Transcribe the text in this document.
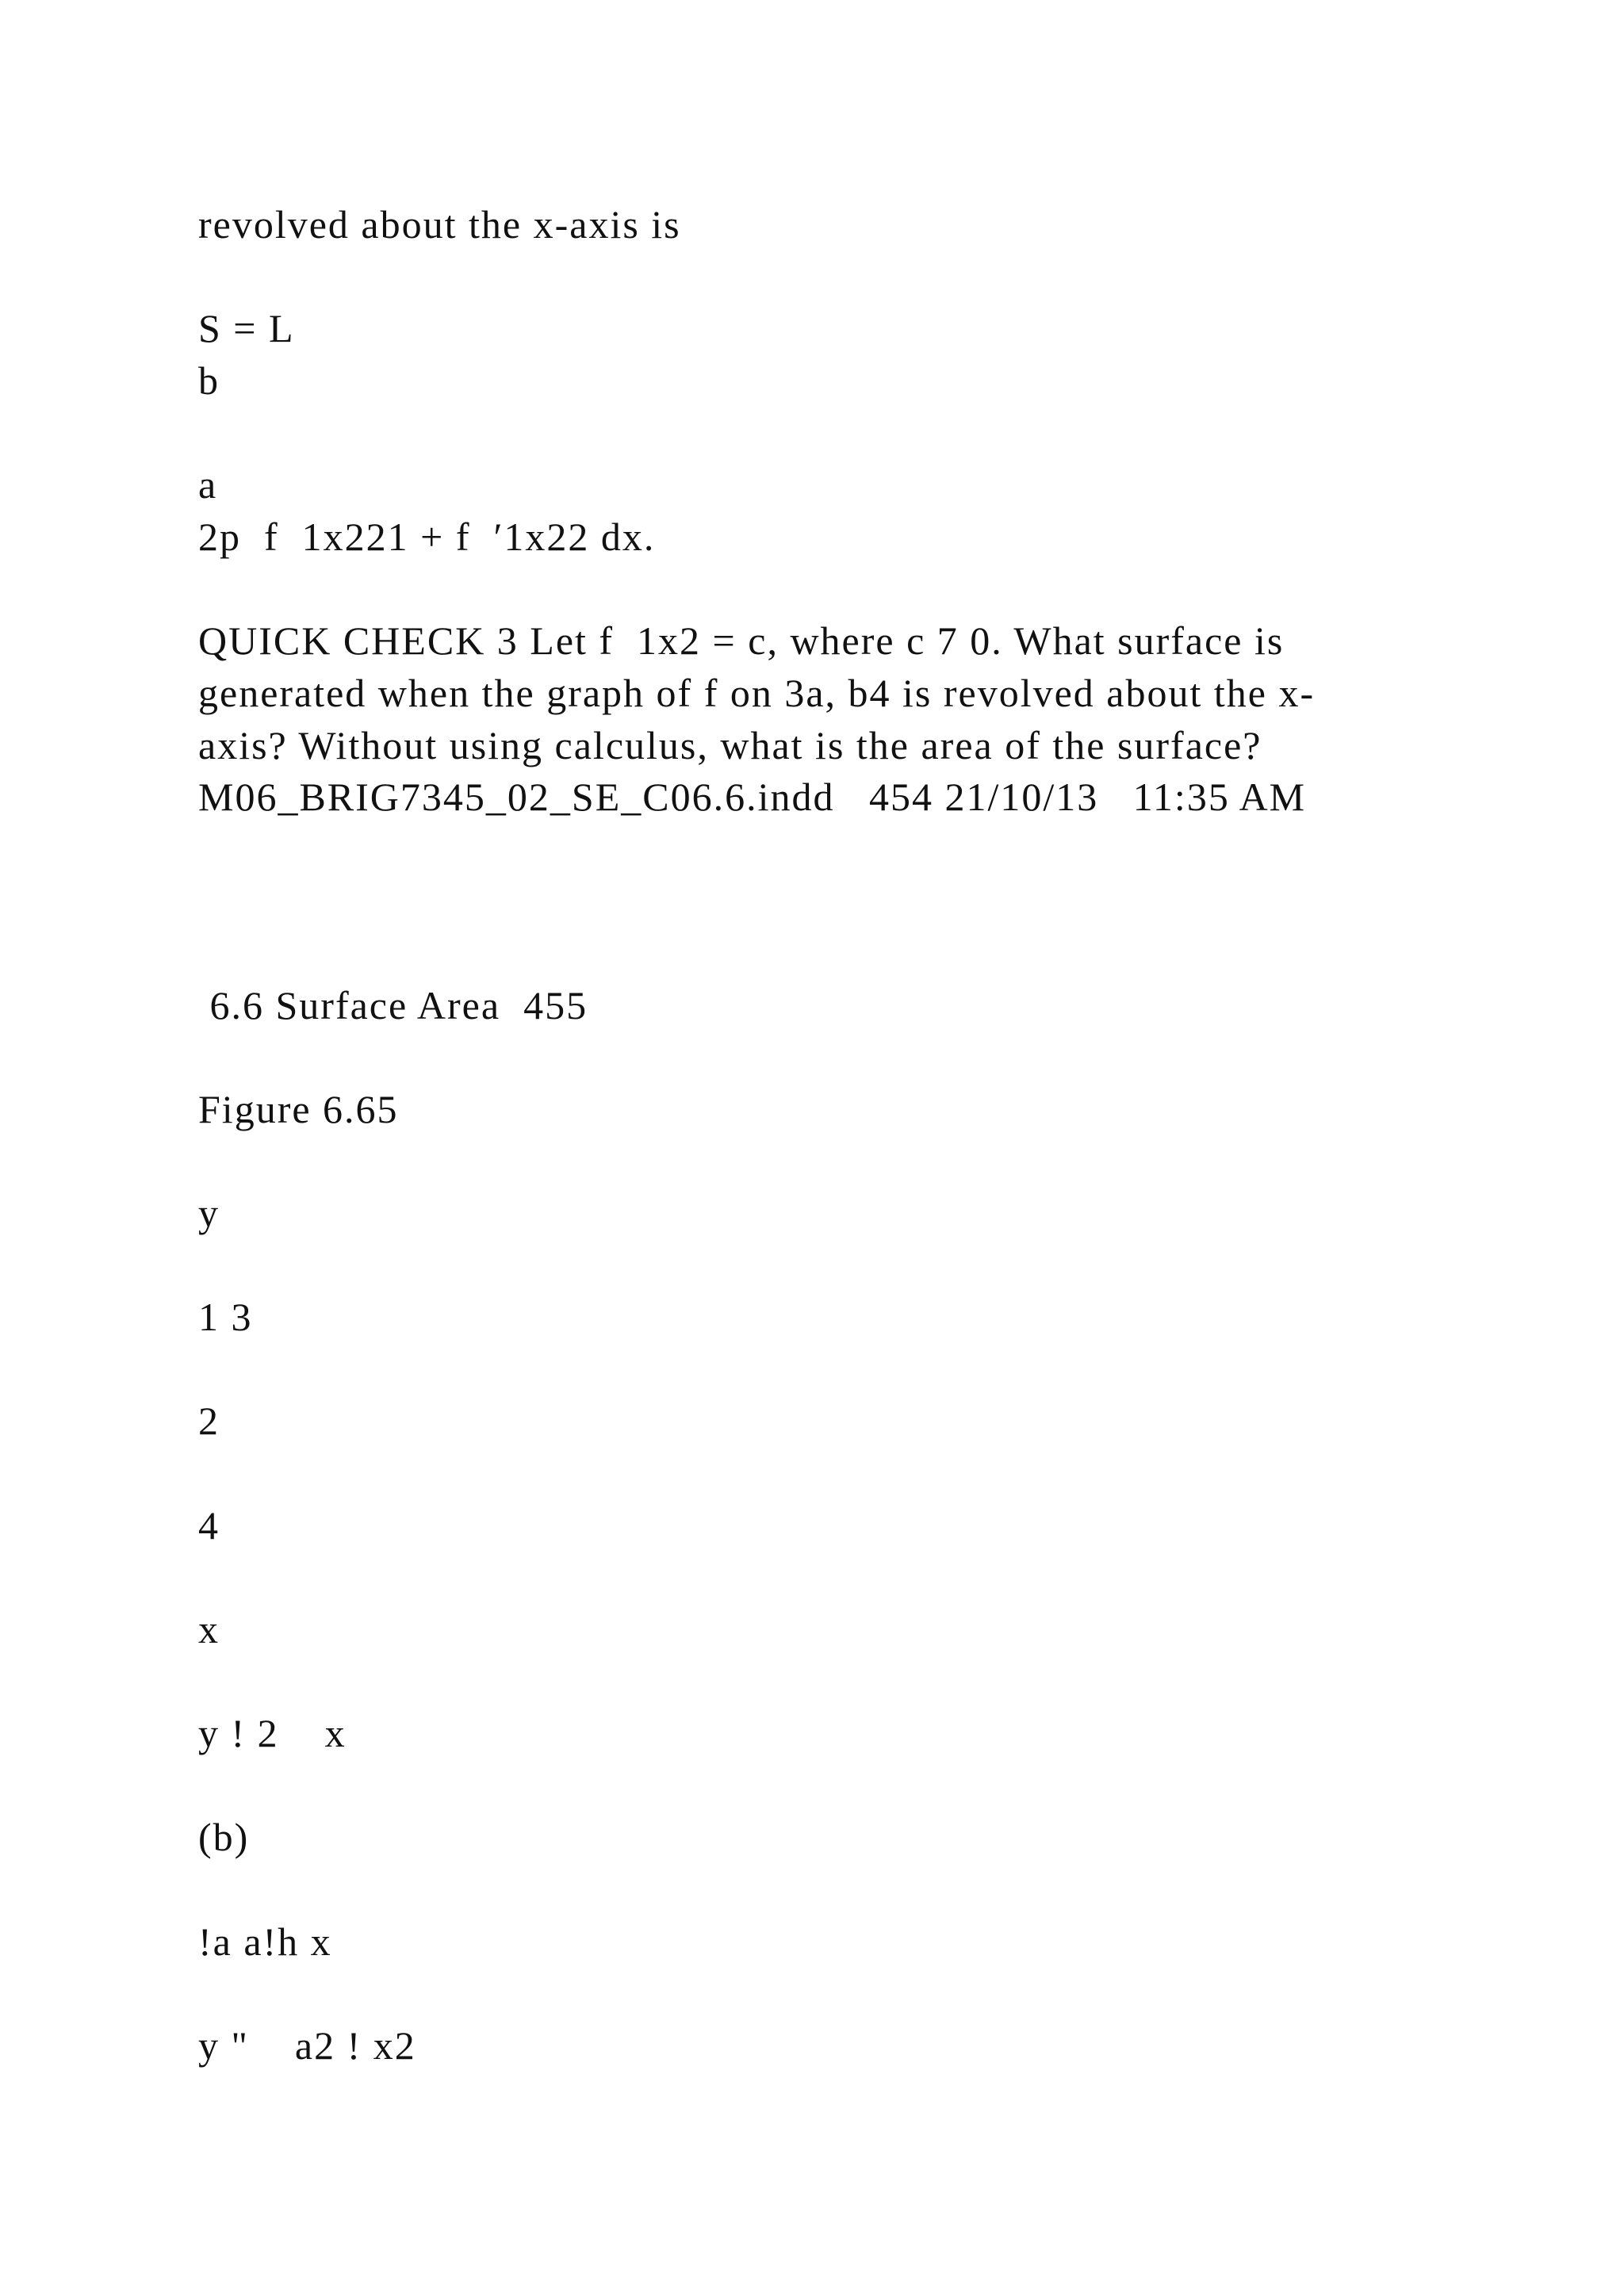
revolved about the x-axis is

S = L

b

a

2p  f  1x221 + f  ′1x22 dx.

QUICK CHECK 3 Let f  1x2 = c, where c 7 0. What surface is

generated when the graph of f on 3a, b4 is revolved about the x-

axis? Without using calculus, what is the area of the surface?

M06_BRIG7345_02_SE_C06.6.indd   454 21/10/13   11:35 AM

6.6 Surface Area  455

Figure 6.65

y

1 3

2

4

x

y ! 2    x

(b)

!a a!h x

y "    a2 ! x2
